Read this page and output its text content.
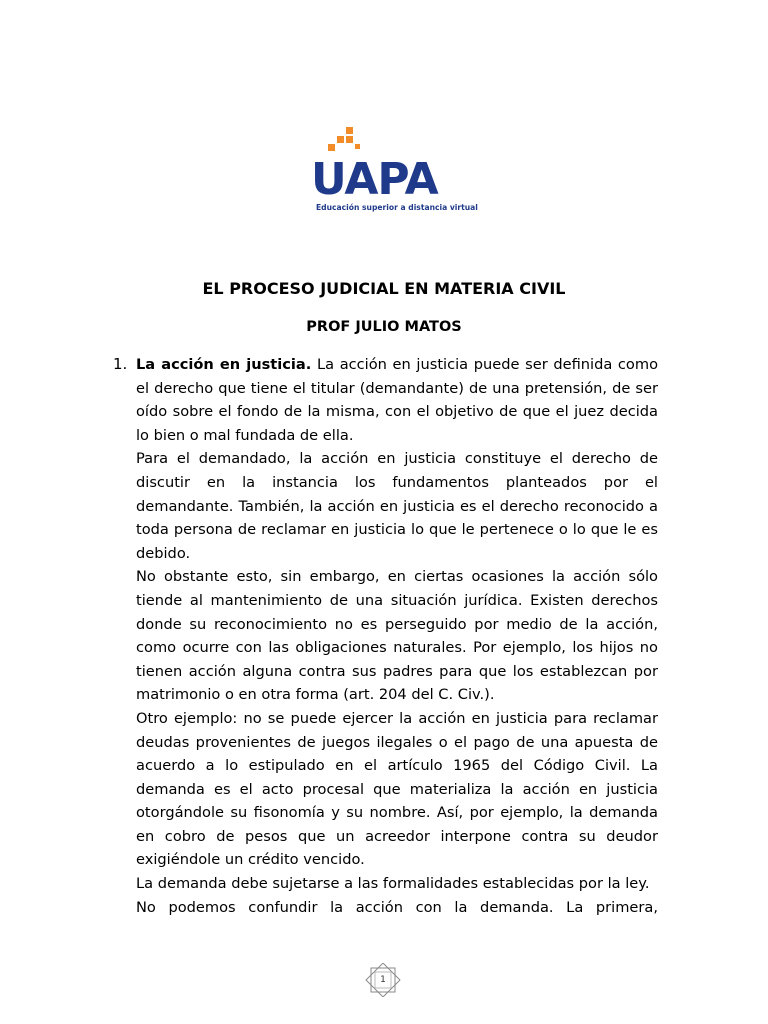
UAPA
Educación superior a distancia virtual
EL PROCESO JUDICIAL EN MATERIA CIVIL
PROF JULIO MATOS
1. La acción en justicia. La acción en justicia puede ser definida como el derecho que tiene el titular (demandante) de una pretensión, de ser oído sobre el fondo de la misma, con el objetivo de que el juez decida lo bien o mal fundada de ella.

Para el demandado, la acción en justicia constituye el derecho de discutir en la instancia los fundamentos planteados por el demandante. También, la acción en justicia es el derecho reconocido a toda persona de reclamar en justicia lo que le pertenece o lo que le es debido.

No obstante esto, sin embargo, en ciertas ocasiones la acción sólo tiende al mantenimiento de una situación jurídica. Existen derechos donde su reconocimiento no es perseguido por medio de la acción, como ocurre con las obligaciones naturales. Por ejemplo, los hijos no tienen acción alguna contra sus padres para que los establezcan por matrimonio o en otra forma (art. 204 del C. Civ.).

Otro ejemplo: no se puede ejercer la acción en justicia para reclamar deudas provenientes de juegos ilegales o el pago de una apuesta de acuerdo a lo estipulado en el artículo 1965 del Código Civil. La demanda es el acto procesal que materializa la acción en justicia otorgándole su fisonomía y su nombre. Así, por ejemplo, la demanda en cobro de pesos que un acreedor interpone contra su deudor exigiéndole un crédito vencido.

La demanda debe sujetarse a las formalidades establecidas por la ley.

No podemos confundir la acción con la demanda. La primera,

1
